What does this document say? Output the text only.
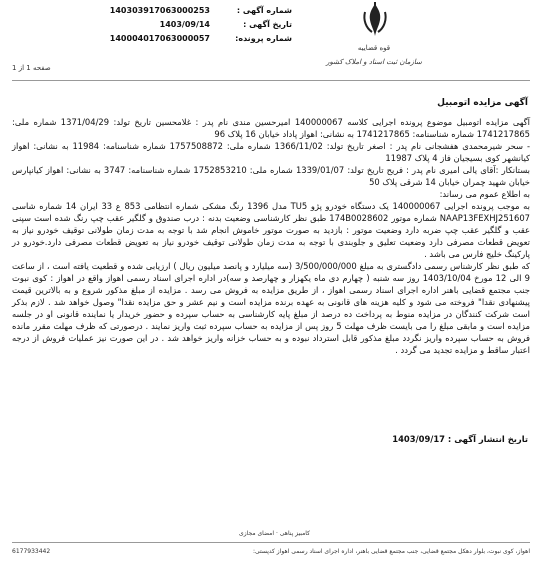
قوه قضاییه
سازمان ثبت اسناد و املاک کشور
شماره آگهی :
140303917063000253
تاریخ آگهی :
1403/09/14
شماره پرونده:
140004017063000057
صفحه 1 از 1
آگهی مزایده اتومبیل

آگهی مزایده اتومبیل موضوع پرونده اجرایی کلاسه 140000067 امیرحسین مندی نام پدر : غلامحسین تاریخ تولد: 1371/04/29 شماره ملی: 1741217865 شماره شناسنامه: 1741217865 به نشانی: اهواز پاداد خیابان 16 پلاک 96

- سحر شیرمحمدی هفشجانی نام پدر : اصغر تاریخ تولد: 1366/11/02 شماره ملی: 1757508872 شماره شناسنامه: 11984 به نشانی: اهواز کیانشهر کوی بسیجیان فاز 4 پلاک 11987

بستانکار :آقای یالی امیری نام پدر : فریح تاریخ تولد: 1339/01/07 شماره ملی: 1752853210 شماره شناسنامه: 3747 به نشانی: اهواز کیانپارس خیابان شهید چمران خیابان 14 شرقی پلاک 50

به اطلاع عموم می رساند:

به موجب پرونده اجرایی 140000067 یک دستگاه خودرو پژو TU5 مدل 1396 رنگ مشکی شماره انتظامی 853 ع 33 ایران 14 شماره شاسی NAAP13FEXHJ251607 شماره موتور 174B0028602 طبق نظر کارشناسی وضعیت بدنه : درب صندوق و گلگیر عقب چپ رنگ شده است سپنی عقب و گلگیر عقب چپ ضربه دارد وضعیت موتور : بازدید به صورت موتور خاموش انجام شد با توجه به مدت زمان طولانی توقیف خودرو نیاز به تعویض قطعات مصرفی دارد وضعیت تعلیق و جلوبندی با توجه به مدت زمان طولانی توقیف خودرو نیاز به تعویض قطعات مصرفی دارد.خودرو در پارکینگ خلیج فارس می باشد .

که طبق نظر کارشناس رسمی دادگستری به مبلغ 3/500/000/000 (سه میلیارد و پانصد میلیون ریال ) ارزیابی شده و قطعیت یافته است ، از ساعت 9 الی 12 مورخ 1403/10/04 روز سه شنبه ( چهارم دی ماه یکهزار و چهارصد و سه)در اداره اجرای اسناد رسمی اهواز واقع در اهواز : کوی نبوت جنب مجتمع قضایی باهنر اداره اجرای اسناد رسمی اهواز ، از طریق مزایده به فروش می رسد . مزایده از مبلغ مذکور شروع و به بالاترین قیمت پیشنهادی نقدا" فروخته می شود و کلیه هزینه های قانونی به عهده برنده مزایده است و نیم عشر و حق مزایده نقدا" وصول خواهد شد . لازم بذکر است شرکت کنندگان در مزایده منوط به پرداخت ده درصد از مبلغ پایه کارشناسی به حساب سپرده و حضور خریدار یا نماینده قانونی او در جلسه مزایده است و مابقی مبلغ را می بایست ظرف مهلت 5 روز پس از مزایده به حساب سپرده ثبت واریز نمایند . درصورتی که ظرف مهلت مقرر مانده فروش به حساب سپرده واریز نگردد مبلغ مذکور قابل استرداد نبوده و به حساب خزانه واریز خواهد شد . در این صورت نیز عملیات فروش از درجه اعتبار ساقط و مزایده تجدید می گردد .

تاریخ انتشار آگهی : 1403/09/17
کامبیز پناهی · امضای مجازی
اهواز، کوی نبوت، بلوار دهکل مجتمع قضایی، جنب مجتمع قضایی باهنر، اداره اجرای اسناد رسمی اهواز کدپستی:
6177933442
